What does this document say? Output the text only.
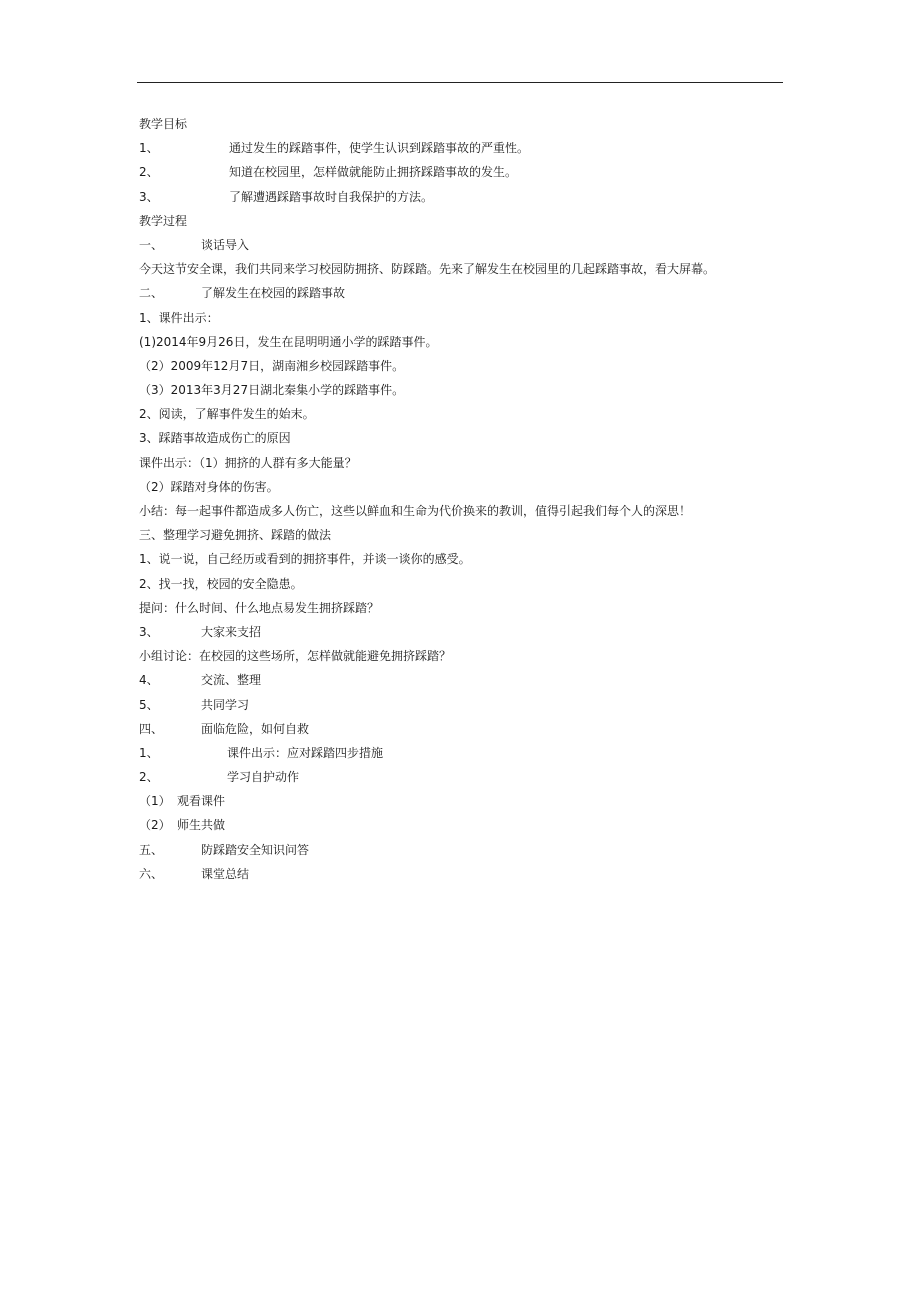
教学目标
1、	通过发生的踩踏事件，使学生认识到踩踏事故的严重性。
2、	知道在校园里，怎样做就能防止拥挤踩踏事故的发生。
3、	了解遭遇踩踏事故时自我保护的方法。
教学过程
一、	谈话导入
今天这节安全课，我们共同来学习校园防拥挤、防踩踏。先来了解发生在校园里的几起踩踏事故，看大屏幕。
二、	了解发生在校园的踩踏事故
1、课件出示：
(1)2014年9月26日，发生在昆明明通小学的踩踏事件。
（2）2009年12月7日，湖南湘乡校园踩踏事件。
（3）2013年3月27日湖北秦集小学的踩踏事件。
2、阅读，了解事件发生的始末。
3、踩踏事故造成伤亡的原因
课件出示：（1）拥挤的人群有多大能量？
（2）踩踏对身体的伤害。
小结：每一起事件都造成多人伤亡，这些以鲜血和生命为代价换来的教训，值得引起我们每个人的深思！
三、整理学习避免拥挤、踩踏的做法
1、说一说，自己经历或看到的拥挤事件，并谈一谈你的感受。
2、找一找，校园的安全隐患。
提问：什么时间、什么地点易发生拥挤踩踏？
3、	大家来支招
小组讨论：在校园的这些场所，怎样做就能避免拥挤踩踏？
4、	交流、整理
5、	共同学习
四、	面临危险，如何自救
1、	课件出示：应对踩踏四步措施
2、	学习自护动作
（1） 观看课件
（2） 师生共做
五、	防踩踏安全知识问答
六、	课堂总结
